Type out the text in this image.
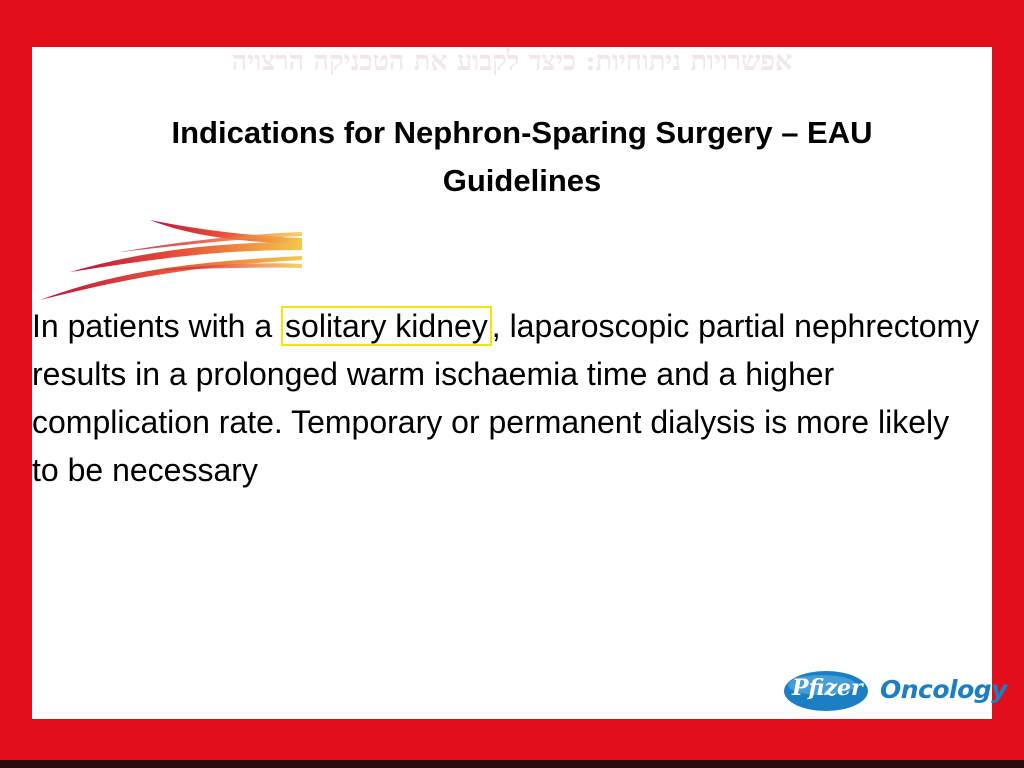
אפשרויות ניתוחיות: כיצד לקבוע את הטכניקה הרצויה
Indications for Nephron-Sparing Surgery – EAU Guidelines
In patients with a solitary kidney , laparoscopic partial nephrectomy results in a prolonged warm ischaemia time and a higher complication rate. Temporary or permanent dialysis is more likely to be necessary
Pfizer Oncology
